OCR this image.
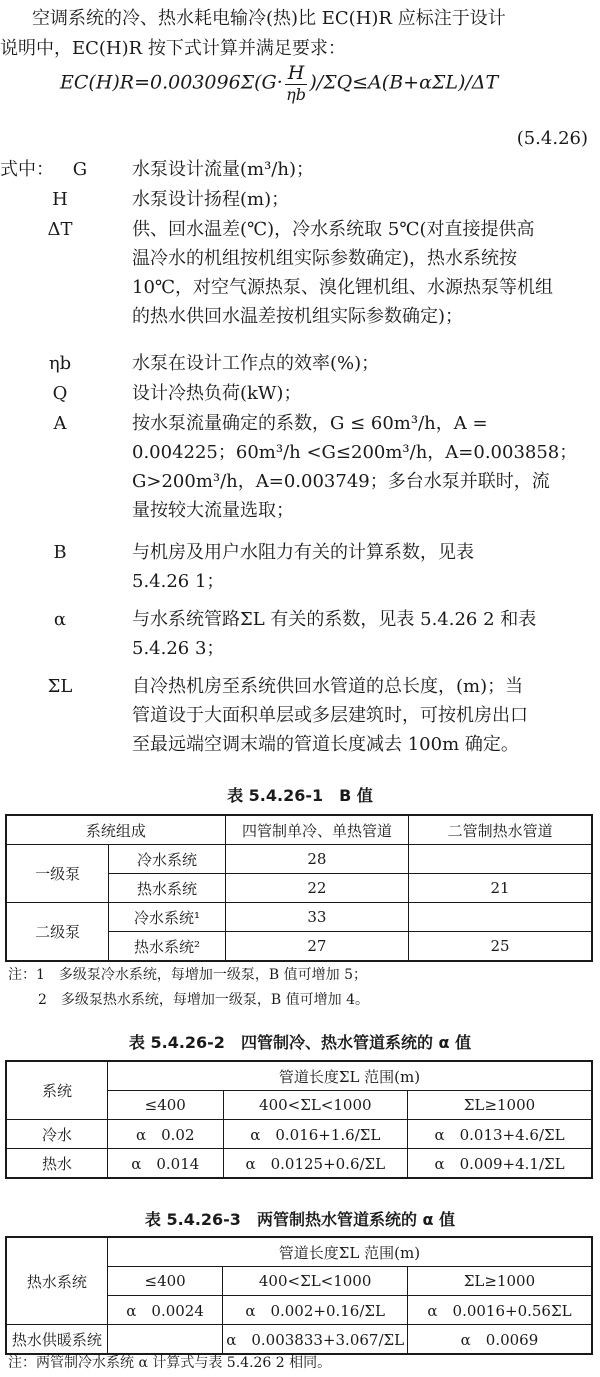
空调系统的冷、热水耗电输冷(热)比 EC(H)R 应标注于设计
说明中，EC(H)R 按下式计算并满足要求：
$EC(H)R=0.003096\Sigma(G\cdot \frac{H}{\eta b} )/\Sigma Q\le A(B+\alpha\Sigma L)/\Delta T$
(5.4.26)
式中：	G	水泵设计流量(m³/h)；
H	水泵设计扬程(m)；
ΔT	供、回水温差(℃)，冷水系统取 5℃(对直接提供高
温冷水的机组按机组实际参数确定)，热水系统按
10℃，对空气源热泵、溴化锂机组、水源热泵等机组
的热水供回水温差按机组实际参数确定)；
ηb	水泵在设计工作点的效率(%)；
Q	设计冷热负荷(kW)；
A	按水泵流量确定的系数，G ≤ 60m³/h，A =
0.004225；60m³/h <G≤200m³/h，A=0.003858；
G>200m³/h，A=0.003749；多台水泵并联时，流
量按较大流量选取；
B	与机房及用户水阻力有关的计算系数，见表
5.4.26 1；
α	与水系统管路ΣL 有关的系数，见表 5.4.26 2 和表
5.4.26 3；
ΣL	自冷热机房至系统供回水管道的总长度，(m)；当
管道设于大面积单层或多层建筑时，可按机房出口
至最远端空调末端的管道长度减去 100m 确定。
表 5.4.26-1　B 值
系统组成		四管制单冷、单热管道	二管制热水管道
一级泵	冷水系统	28	
	热水系统	22	21
二级泵	冷水系统¹	33	
	热水系统²	27	25
注：1　多级泵冷水系统，每增加一级泵，B 值可增加 5；
2　多级泵热水系统，每增加一级泵，B 值可增加 4。
表 5.4.26-2　四管制冷、热水管道系统的 α 值
系统	管道长度ΣL 范围(m)		
	≤400	400<ΣL<1000	ΣL≥1000
冷水	α　0.02	α　0.016+1.6/ΣL	α　0.013+4.6/ΣL
热水	α　0.014	α　0.0125+0.6/ΣL	α　0.009+4.1/ΣL
表 5.4.26-3　两管制热水管道系统的 α 值
热水系统	管道长度ΣL 范围(m)		
	≤400	400<ΣL<1000	ΣL≥1000
	α　0.0024	α　0.002+0.16/ΣL	α　0.0016+0.56ΣL
热水供暖系统		α　0.003833+3.067/ΣL	α　0.0069
注：两管制冷水系统 α 计算式与表 5.4.26 2 相同。
